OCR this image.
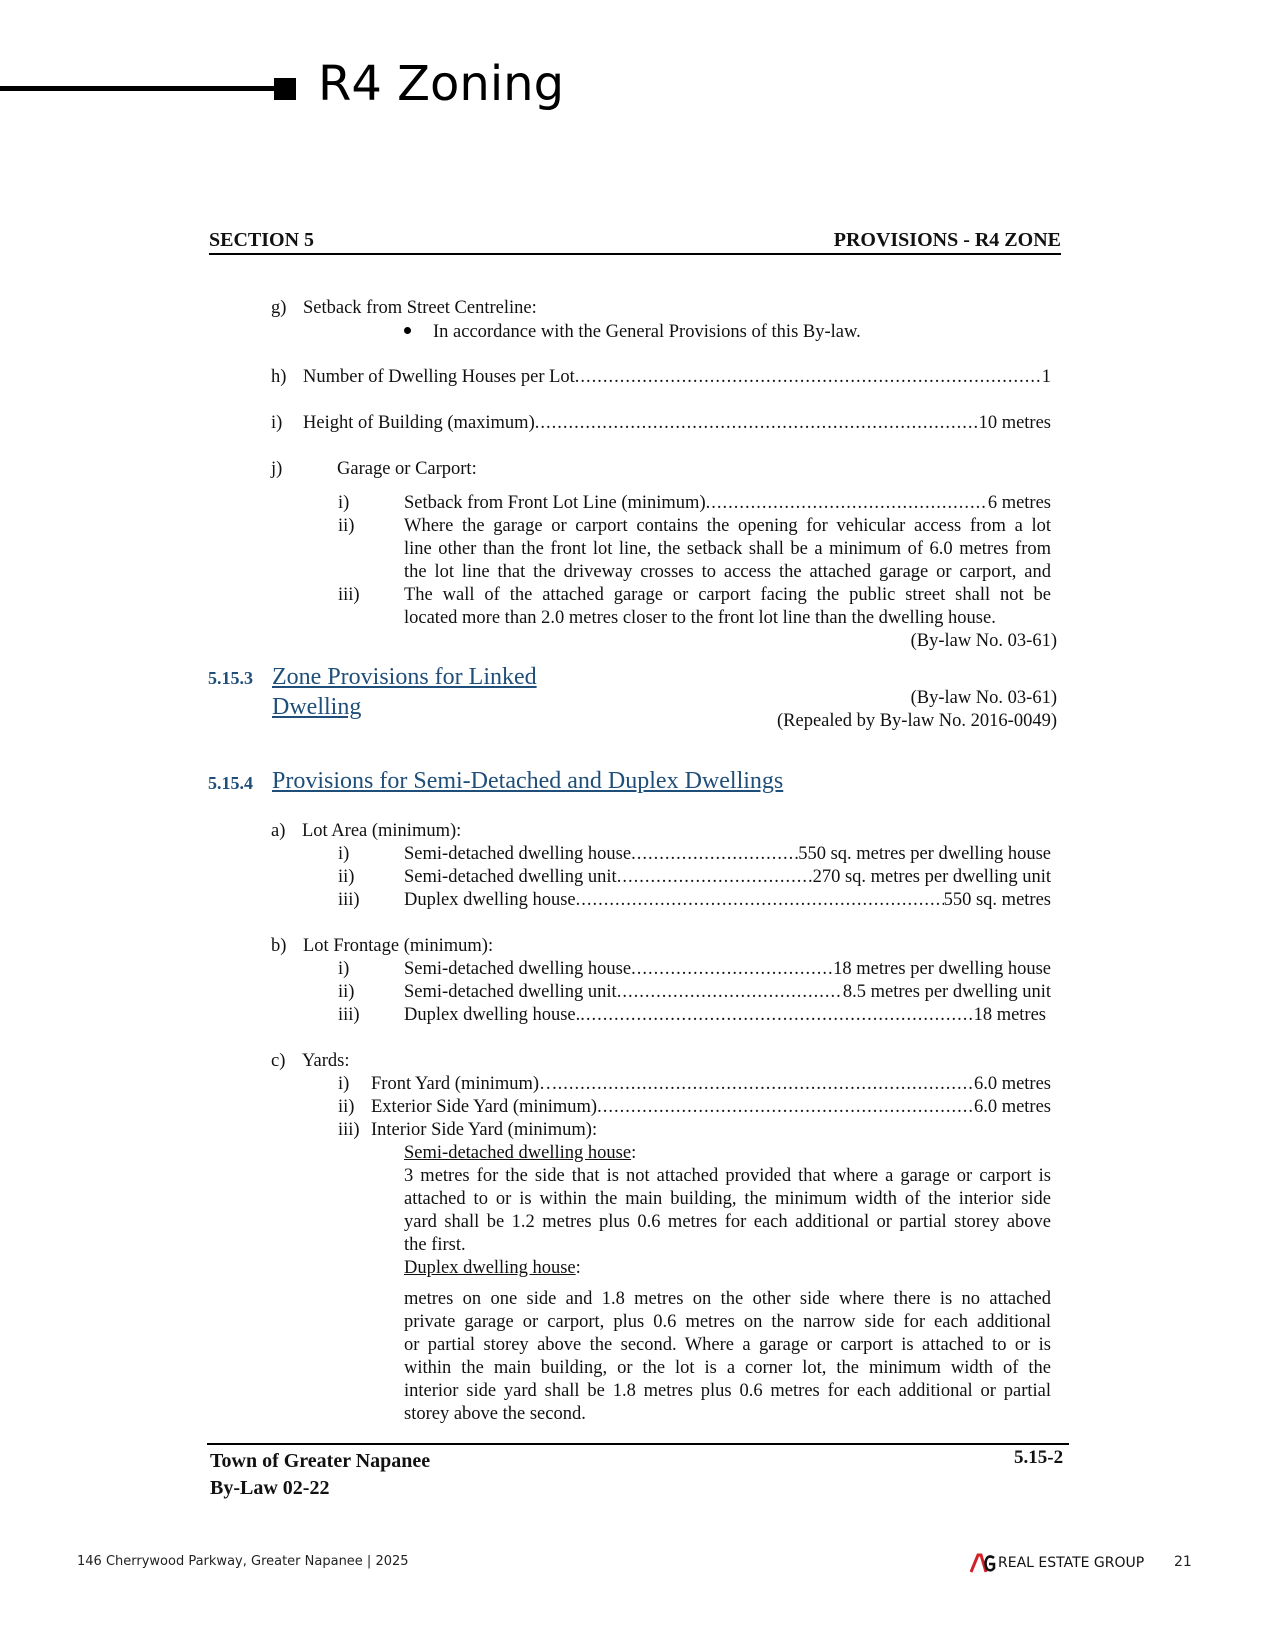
R4 Zoning
SECTION 5	PROVISIONS - R4 ZONE
g) Setback from Street Centreline:
In accordance with the General Provisions of this By-law.
h) Number of Dwelling Houses per Lot .....	1
i) Height of Building (maximum) .....	10 metres
j)	Garage or Carport:
i)	Setback from Front Lot Line (minimum) .....	6 metres
ii)	Where the garage or carport contains the opening for vehicular access from a lot
line other than the front lot line, the setback shall be a minimum of 6.0 metres from
the lot line that the driveway crosses to access the attached garage or carport, and
iii) The wall of the attached garage or carport facing the public street shall not be
located more than 2.0 metres closer to the front lot line than the dwelling house.
(By-law No. 03-61)
5.15.3 Zone Provisions for Linked
Dwelling	(By-law No. 03-61)
(Repealed by By-law No. 2016-0049)
5.15.4 Provisions for Semi-Detached and Duplex Dwellings
a) Lot Area (minimum):
i)	Semi-detached dwelling house .....	550 sq. metres per dwelling house
ii)	Semi-detached dwelling unit .....	270 sq. metres per dwelling unit
iii) Duplex dwelling house .....	550 sq. metres
b) Lot Frontage (minimum):
i)	Semi-detached dwelling house .....	18 metres per dwelling house
ii)	Semi-detached dwelling unit .....	8.5 metres per dwelling unit
iii) Duplex dwelling house. .....	18 metres
c) Yards:
i) Front Yard (minimum)… .....	6.0 metres
ii) Exterior Side Yard (minimum) .....	6.0 metres
iii) Interior Side Yard (minimum):
Semi-detached dwelling house:
3 metres for the side that is not attached provided that where a garage or carport is
attached to or is within the main building, the minimum width of the interior side
yard shall be 1.2 metres plus 0.6 metres for each additional or partial storey above
the first.
Duplex dwelling house:
metres on one side and 1.8 metres on the other side where there is no attached
private garage or carport, plus 0.6 metres on the narrow side for each additional
or partial storey above the second. Where a garage or carport is attached to or is
within the main building, or the lot is a corner lot, the minimum width of the
interior side yard shall be 1.8 metres plus 0.6 metres for each additional or partial
storey above the second.
Town of Greater Napanee
By-Law 02-22
5.15-2
146 Cherrywood Parkway, Greater Napanee | 2025	REAL ESTATE GROUP 21
